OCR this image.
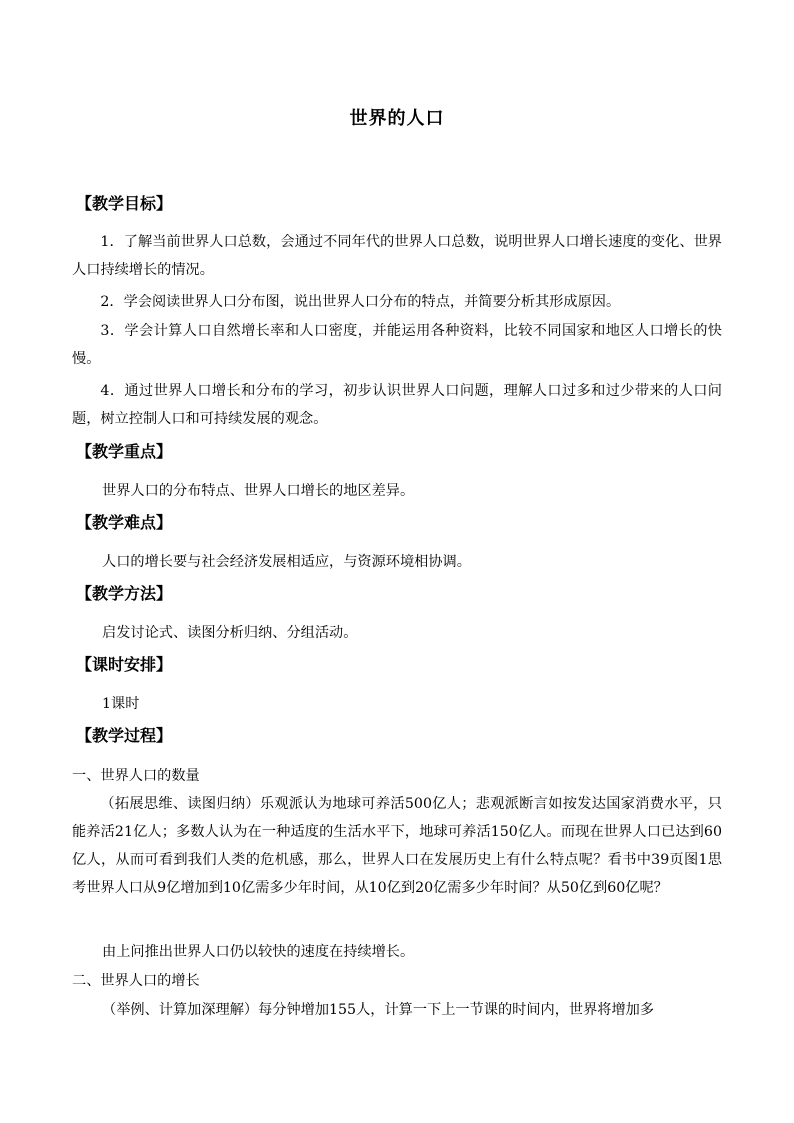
世界的人口
【教学目标】

1．了解当前世界人口总数，会通过不同年代的世界人口总数，说明世界人口增长速度的变化、世界人口持续增长的情况。

2．学会阅读世界人口分布图，说出世界人口分布的特点，并简要分析其形成原因。

3．学会计算人口自然增长率和人口密度，并能运用各种资料，比较不同国家和地区人口增长的快慢。

4．通过世界人口增长和分布的学习，初步认识世界人口问题，理解人口过多和过少带来的人口问题，树立控制人口和可持续发展的观念。

【教学重点】
世界人口的分布特点、世界人口增长的地区差异。
【教学难点】
人口的增长要与社会经济发展相适应，与资源环境相协调。
【教学方法】
启发讨论式、读图分析归纳、分组活动。
【课时安排】
1课时
【教学过程】
一、世界人口的数量

（拓展思维、读图归纳）乐观派认为地球可养活500亿人；悲观派断言如按发达国家消费水平，只能养活21亿人；多数人认为在一种适度的生活水平下，地球可养活150亿人。而现在世界人口已达到60亿人，从而可看到我们人类的危机感，那么，世界人口在发展历史上有什么特点呢？看书中39页图1思考世界人口从9亿增加到10亿需多少年时间，从10亿到20亿需多少年时间？从50亿到60亿呢？

由上问推出世界人口仍以较快的速度在持续增长。
二、世界人口的增长
（举例、计算加深理解）每分钟增加155人，计算一下上一节课的时间内，世界将增加多
